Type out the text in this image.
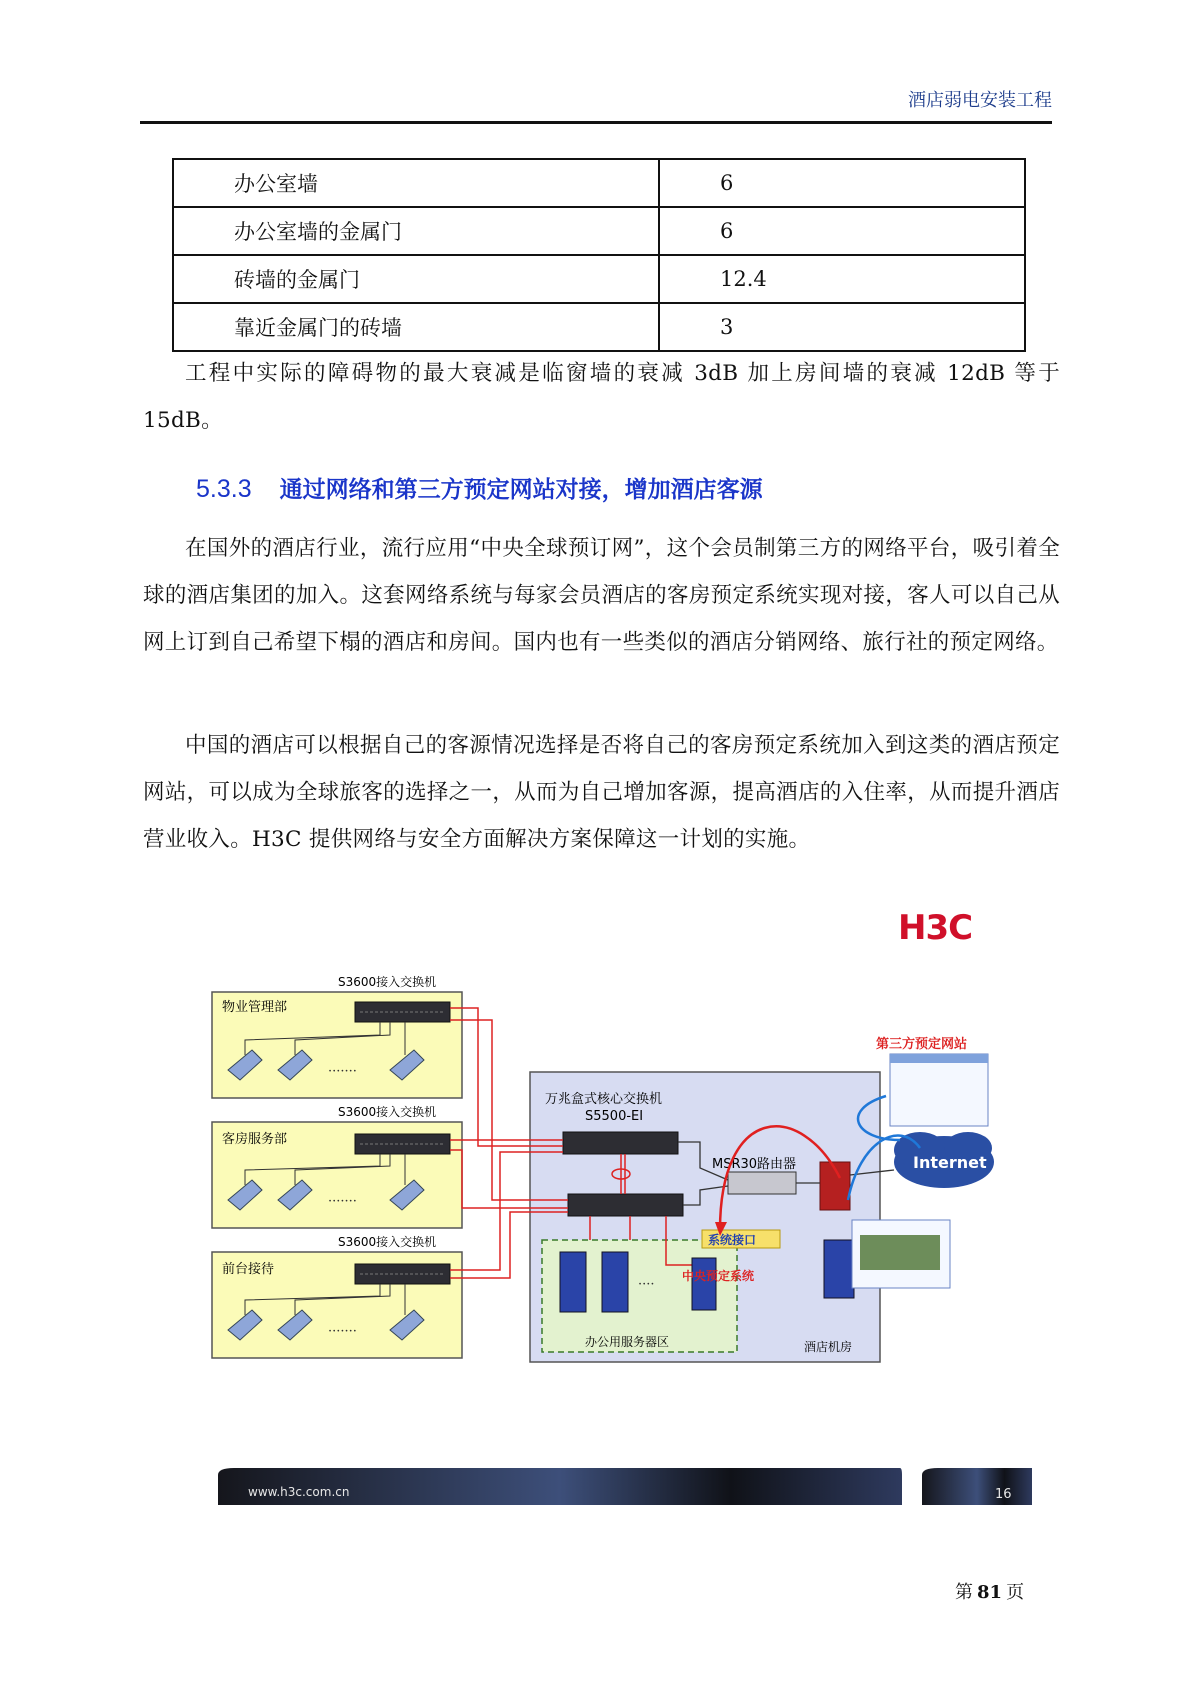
酒店弱电安装工程
办公室墙	6
办公室墙的金属门	6
砖墙的金属门	12.4
靠近金属门的砖墙	3

工程中实际的障碍物的最大衰减是临窗墙的衰减 3dB 加上房间墙的衰减 12dB 等于 15dB。

5.3.3 通过网络和第三方预定网站对接，增加酒店客源

在国外的酒店行业，流行应用“中央全球预订网”，这个会员制第三方的网络平台，吸引着全球的酒店集团的加入。这套网络系统与每家会员酒店的客房预定系统实现对接，客人可以自己从网上订到自己希望下榻的酒店和房间。国内也有一些类似的酒店分销网络、旅行社的预定网络。

中国的酒店可以根据自己的客源情况选择是否将自己的客房预定系统加入到这类的酒店预定网站，可以成为全球旅客的选择之一，从而为自己增加客源，提高酒店的入住率，从而提升酒店营业收入。H3C 提供网络与安全方面解决方案保障这一计划的实施。

H3C
物业管理部
S3600接入交换机
·······
客房服务部
S3600接入交换机
·······
前台接待
S3600接入交换机
·······
万兆盒式核心交换机
S5500-EI
····
办公用服务器区
中央预定系统
系统接口
MSR30路由器	Internet
第三方预定网站
酒店机房
www.h3c.com.cn	16
第 81 页
